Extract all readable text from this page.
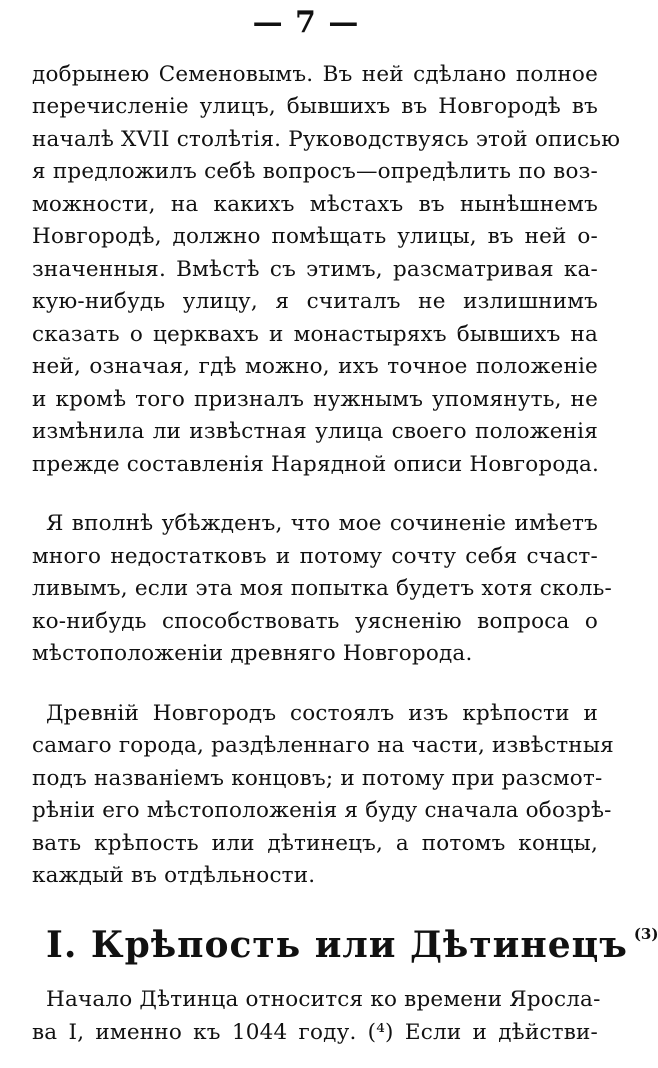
— 7 —
добрынею Семеновымъ. Въ ней сдѣлано полное
перечисленіе улицъ, бывшихъ въ Новгородѣ въ
началѣ XVII столѣтія. Руководствуясь этой описью
я предложилъ себѣ вопросъ—опредѣлить по воз-
можности, на какихъ мѣстахъ въ нынѣшнемъ
Новгородѣ, должно помѣщать улицы, въ ней о-
значенныя. Вмѣстѣ съ этимъ, разсматривая ка-
кую-нибудь улицу, я считалъ не излишнимъ
сказать о церквахъ и монастыряхъ бывшихъ на
ней, означая, гдѣ можно, ихъ точное положеніе
и кромѣ того призналъ нужнымъ упомянуть, не
измѣнила ли извѣстная улица своего положенія
прежде составленія Нарядной описи Новгорода.
Я вполнѣ убѣжденъ, что мое сочиненіе имѣетъ
много недостатковъ и потому сочту себя счаст-
ливымъ, если эта моя попытка будетъ хотя сколь-
ко-нибудь способствовать уясненію вопроса о
мѣстоположеніи древняго Новгорода.
Древній Новгородъ состоялъ изъ крѣпости и
самаго города, раздѣленнаго на части, извѣстныя
подъ названіемъ концовъ; и потому при разсмот-
рѣніи его мѣстоположенія я буду сначала обозрѣ-
вать крѣпость или дѣтинецъ, а потомъ концы,
каждый въ отдѣльности.
I. Крѣпость или Дѣтинецъ $^{(3)}$
Начало Дѣтинца относится ко времени Яросла-
ва I, именно къ 1044 году. (⁴) Если и дѣйстви-
